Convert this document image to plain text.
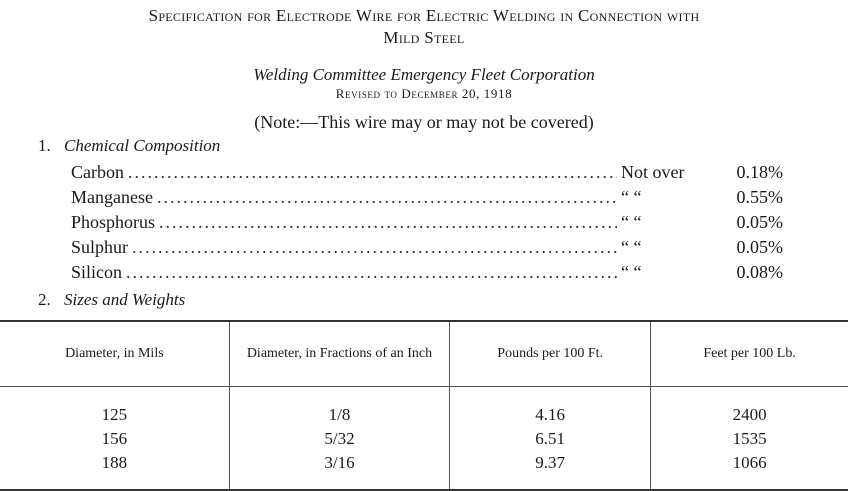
Specification for Electrode Wire for Electric Welding in Connection with
Mild Steel
Welding Committee Emergency Fleet Corporation
Revised to December 20, 1918
(Note:—This wire may or may not be covered)
1. Chemical Composition
Carbon .....	Not over	0.18%
Manganese .....	“ “	0.55%
Phosphorus .....	“ “	0.05%
Sulphur .....	“ “	0.05%
Silicon .....	“ “	0.08%
2. Sizes and Weights
Diameter, in Mils	Diameter, in Fractions of an Inch	Pounds per 100 Ft.	Feet per 100 Lb.
125	1/8	4.16	2400
156	5/32	6.51	1535
188	3/16	9.37	1066
